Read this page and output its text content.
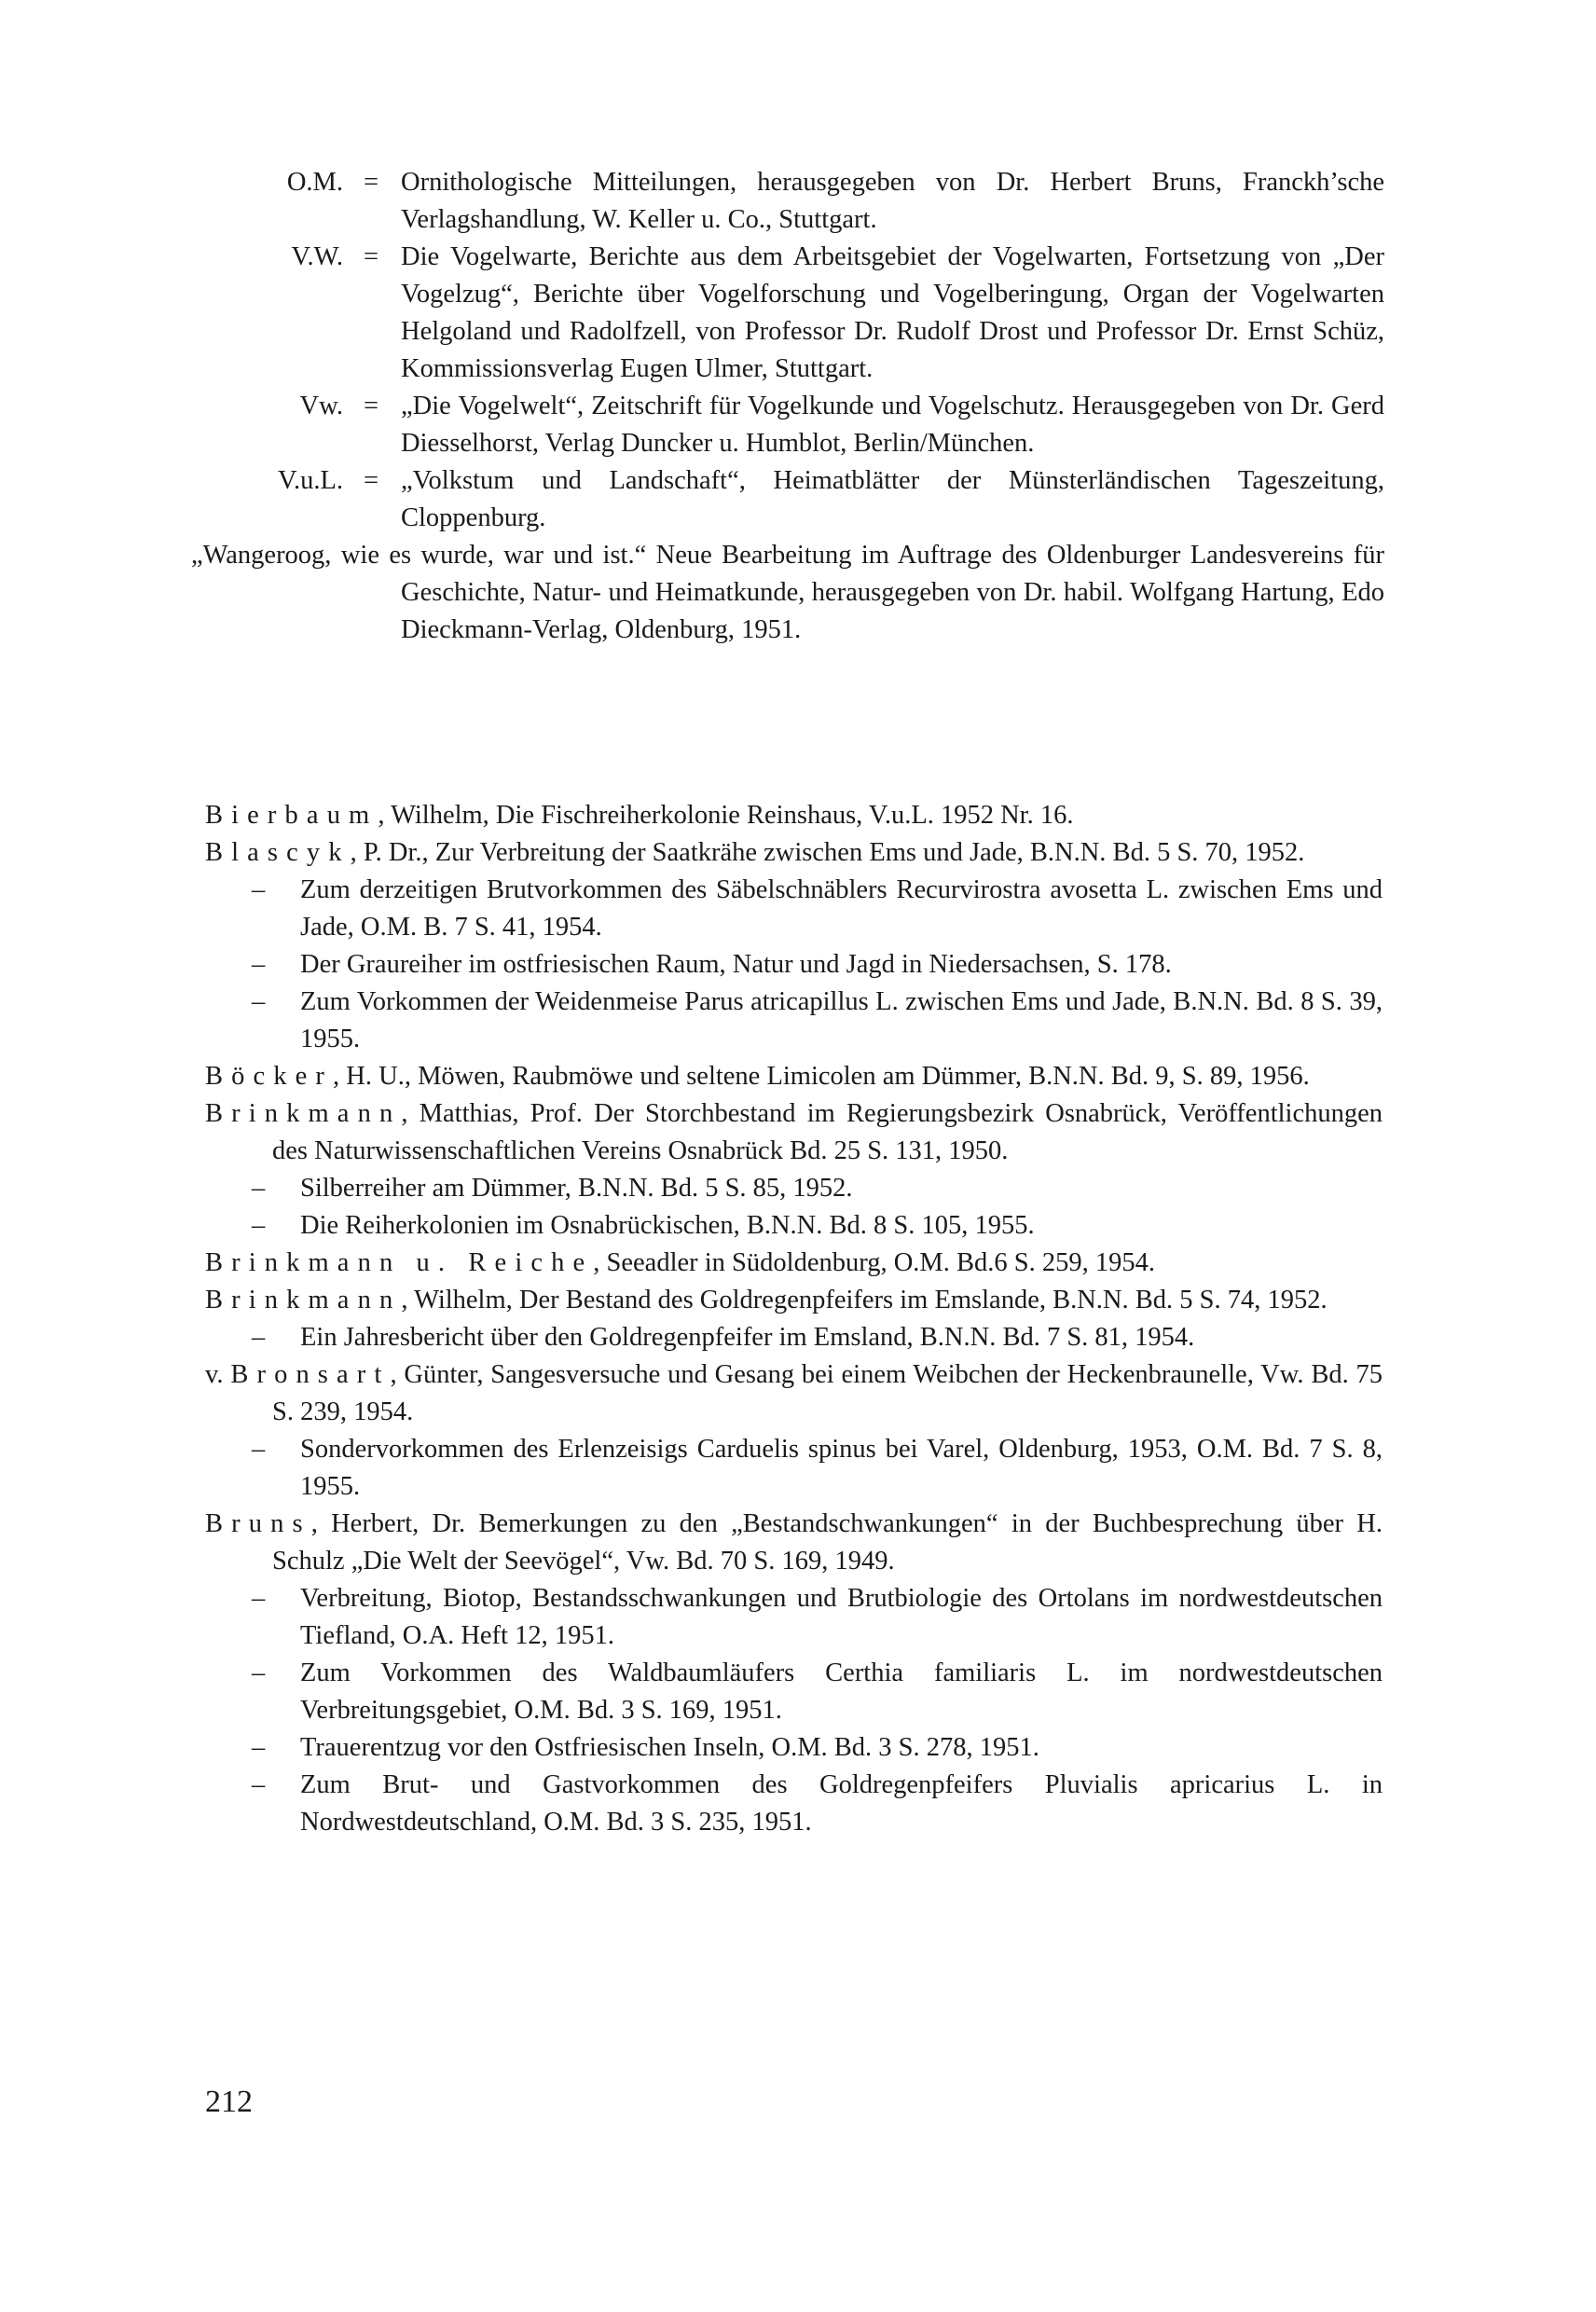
O.M. = Ornithologische Mitteilungen, herausgegeben von Dr. Herbert Bruns, Franckh’sche Verlagshandlung, W. Keller u. Co., Stuttgart.
V.W. = Die Vogelwarte, Berichte aus dem Arbeitsgebiet der Vogelwarten, Fortsetzung von „Der Vogelzug“, Berichte über Vogelforschung und Vogelberingung, Organ der Vogelwarten Helgoland und Radolfzell, von Professor Dr. Rudolf Drost und Professor Dr. Ernst Schüz, Kommissionsverlag Eugen Ulmer, Stuttgart.
Vw. = „Die Vogelwelt“, Zeitschrift für Vogelkunde und Vogelschutz. Herausgegeben von Dr. Gerd Diesselhorst, Verlag Duncker u. Humblot, Berlin/München.
V.u.L. = „Volkstum und Landschaft“, Heimatblätter der Münsterländischen Tageszeitung, Cloppenburg.
„Wangeroog, wie es wurde, war und ist.“ Neue Bearbeitung im Auftrage des Oldenburger Landesvereins für Geschichte, Natur- und Heimatkunde, herausgegeben von Dr. habil. Wolfgang Hartung, Edo Dieckmann-Verlag, Oldenburg, 1951.
Bierbaum, Wilhelm, Die Fischreiherkolonie Reinshaus, V.u.L. 1952 Nr. 16.
Blascyk, P. Dr., Zur Verbreitung der Saatkrähe zwischen Ems und Jade, B.N.N. Bd. 5 S. 70, 1952.
– Zum derzeitigen Brutvorkommen des Säbelschnäblers Recurvirostra avosetta L. zwischen Ems und Jade, O.M. B. 7 S. 41, 1954.
– Der Graureiher im ostfriesischen Raum, Natur und Jagd in Niedersachsen, S. 178.
– Zum Vorkommen der Weidenmeise Parus atricapillus L. zwischen Ems und Jade, B.N.N. Bd. 8 S. 39, 1955.
Böcker, H. U., Möwen, Raubmöwe und seltene Limicolen am Dümmer, B.N.N. Bd. 9, S. 89, 1956.
Brinkmann, Matthias, Prof. Der Storchbestand im Regierungsbezirk Osnabrück, Veröffentlichungen des Naturwissenschaftlichen Vereins Osnabrück Bd. 25 S. 131, 1950.
– Silberreiher am Dümmer, B.N.N. Bd. 5 S. 85, 1952.
– Die Reiherkolonien im Osnabrückischen, B.N.N. Bd. 8 S. 105, 1955.
Brinkmann u. Reiche, Seeadler in Südoldenburg, O.M. Bd.6 S. 259, 1954.
Brinkmann, Wilhelm, Der Bestand des Goldregenpfeifers im Emslande, B.N.N. Bd. 5 S. 74, 1952.
– Ein Jahresbericht über den Goldregenpfeifer im Emsland, B.N.N. Bd. 7 S. 81, 1954.
v. Bronsart, Günter, Sangesversuche und Gesang bei einem Weibchen der Heckenbraunelle, Vw. Bd. 75 S. 239, 1954.
– Sondervorkommen des Erlenzeisigs Carduelis spinus bei Varel, Oldenburg, 1953, O.M. Bd. 7 S. 8, 1955.
Bruns, Herbert, Dr. Bemerkungen zu den „Bestandschwankungen“ in der Buchbesprechung über H. Schulz „Die Welt der Seevögel“, Vw. Bd. 70 S. 169, 1949.
– Verbreitung, Biotop, Bestandsschwankungen und Brutbiologie des Ortolans im nordwestdeutschen Tiefland, O.A. Heft 12, 1951.
– Zum Vorkommen des Waldbaumläufers Certhia familiaris L. im nordwestdeutschen Verbreitungsgebiet, O.M. Bd. 3 S. 169, 1951.
– Trauerentzug vor den Ostfriesischen Inseln, O.M. Bd. 3 S. 278, 1951.
– Zum Brut- und Gastvorkommen des Goldregenpfeifers Pluvialis apricarius L. in Nordwestdeutschland, O.M. Bd. 3 S. 235, 1951.
212
